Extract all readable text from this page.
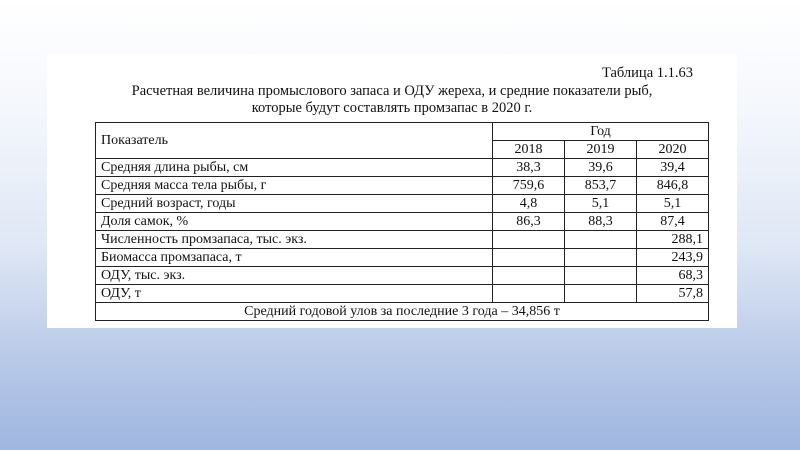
Таблица 1.1.63
Расчетная величина промыслового запаса и ОДУ жереха, и средние показатели рыб,
которые будут составлять промзапас в 2020 г.
Показатель	Год		
	2018	2019	2020
Средняя длина рыбы, см	38,3	39,6	39,4
Средняя масса тела рыбы, г	759,6	853,7	846,8
Средний возраст, годы	4,8	5,1	5,1
Доля самок, %	86,3	88,3	87,4
Численность промзапаса, тыс. экз.			288,1
Биомасса промзапаса, т			243,9
ОДУ, тыс. экз.			68,3
ОДУ, т			57,8
Средний годовой улов за последние 3 года – 34,856 т			
